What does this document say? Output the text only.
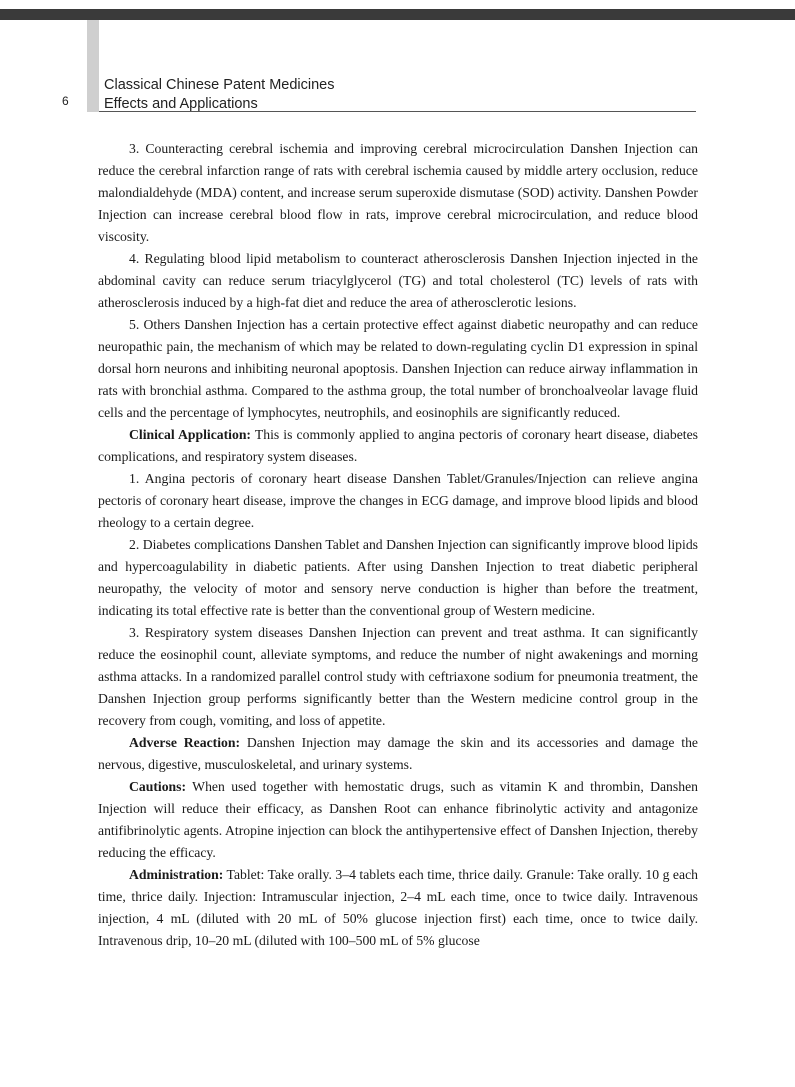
Classical Chinese Patent Medicines
Effects and Applications
6

3. Counteracting cerebral ischemia and improving cerebral microcirculation Danshen Injection can reduce the cerebral infarction range of rats with cerebral ischemia caused by middle artery occlusion, reduce malondialdehyde (MDA) content, and increase serum superoxide dismutase (SOD) activity. Danshen Powder Injection can increase cerebral blood flow in rats, improve cerebral microcirculation, and reduce blood viscosity.

4. Regulating blood lipid metabolism to counteract atherosclerosis Danshen Injection injected in the abdominal cavity can reduce serum triacylglycerol (TG) and total cholesterol (TC) levels of rats with atherosclerosis induced by a high-fat diet and reduce the area of atherosclerotic lesions.

5. Others Danshen Injection has a certain protective effect against diabetic neuropathy and can reduce neuropathic pain, the mechanism of which may be related to down-regulating cyclin D1 expression in spinal dorsal horn neurons and inhibiting neuronal apoptosis. Danshen Injection can reduce airway inflammation in rats with bronchial asthma. Compared to the asthma group, the total number of bronchoalveolar lavage fluid cells and the percentage of lymphocytes, neutrophils, and eosinophils are significantly reduced.

Clinical Application: This is commonly applied to angina pectoris of coronary heart disease, diabetes complications, and respiratory system diseases.

1. Angina pectoris of coronary heart disease Danshen Tablet/Granules/Injection can relieve angina pectoris of coronary heart disease, improve the changes in ECG damage, and improve blood lipids and blood rheology to a certain degree.

2. Diabetes complications Danshen Tablet and Danshen Injection can significantly improve blood lipids and hypercoagulability in diabetic patients. After using Danshen Injection to treat diabetic peripheral neuropathy, the velocity of motor and sensory nerve conduction is higher than before the treatment, indicating its total effective rate is better than the conventional group of Western medicine.

3. Respiratory system diseases Danshen Injection can prevent and treat asthma. It can significantly reduce the eosinophil count, alleviate symptoms, and reduce the number of night awakenings and morning asthma attacks. In a randomized parallel control study with ceftriaxone sodium for pneumonia treatment, the Danshen Injection group performs significantly better than the Western medicine control group in the recovery from cough, vomiting, and loss of appetite.

Adverse Reaction: Danshen Injection may damage the skin and its accessories and damage the nervous, digestive, musculoskeletal, and urinary systems.

Cautions: When used together with hemostatic drugs, such as vitamin K and thrombin, Danshen Injection will reduce their efficacy, as Danshen Root can enhance fibrinolytic activity and antagonize antifibrinolytic agents. Atropine injection can block the antihypertensive effect of Danshen Injection, thereby reducing the efficacy.

Administration: Tablet: Take orally. 3–4 tablets each time, thrice daily. Granule: Take orally. 10 g each time, thrice daily. Injection: Intramuscular injection, 2–4 mL each time, once to twice daily. Intravenous injection, 4 mL (diluted with 20 mL of 50% glucose injection first) each time, once to twice daily. Intravenous drip, 10–20 mL (diluted with 100–500 mL of 5% glucose
